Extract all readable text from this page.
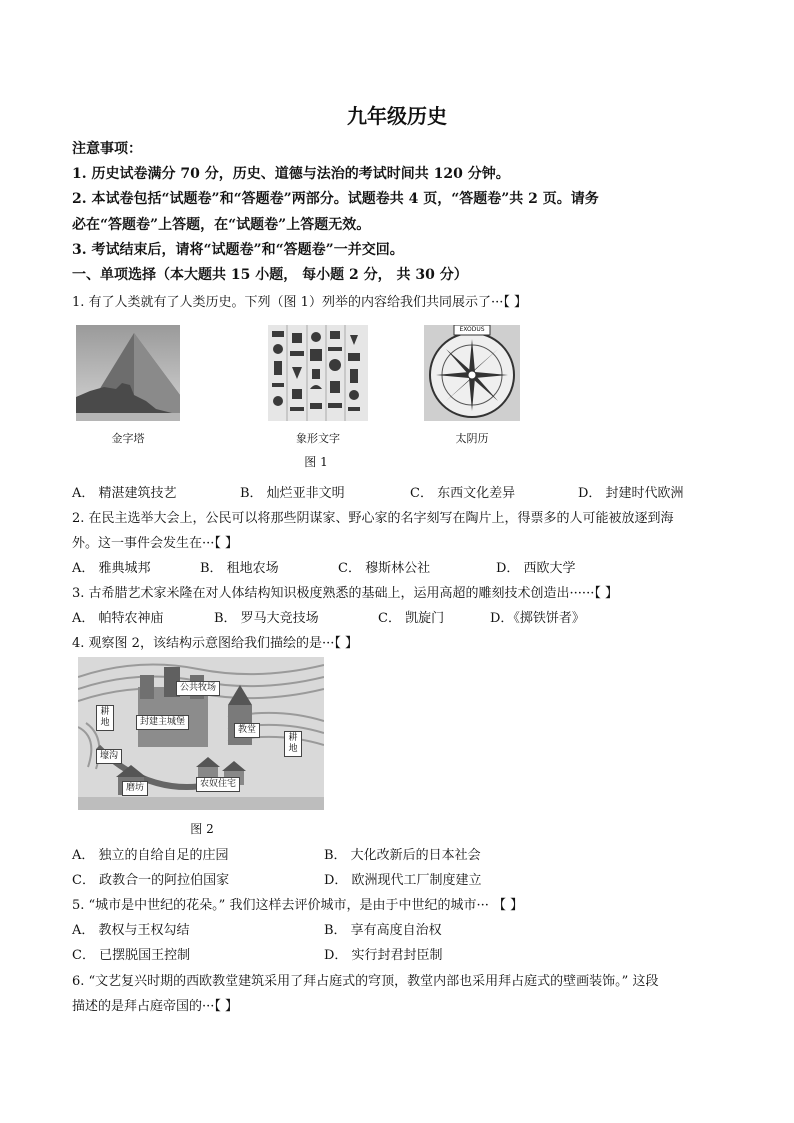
九年级历史
注意事项：
1. 历史试卷满分 70 分，历史、道德与法治的考试时间共 120 分钟。
2. 本试卷包括“试题卷”和“答题卷”两部分。试题卷共 4 页，“答题卷”共 2 页。请务
必在“答题卷”上答题，在“试题卷”上答题无效。
3. 考试结束后，请将“试题卷”和“答题卷”一并交回。
一、单项选择（本大题共 15 小题， 每小题 2 分， 共 30 分）
1. 有了人类就有了人类历史。下列（图 1）列举的内容给我们共同展示了···【 】
金字塔	象形文字
EXODUS
太阴历
图 1
A． 精湛建筑技艺	B． 灿烂亚非文明	C． 东西文化差异	D． 封建时代欧洲
2. 在民主选举大会上，公民可以将那些阴谋家、野心家的名字刻写在陶片上，得票多的人可能被放逐到海
外。这一事件会发生在···【 】
A． 雅典城邦	B． 租地农场	C． 穆斯林公社	D． 西欧大学
3. 古希腊艺术家米隆在对人体结构知识极度熟悉的基础上，运用高超的雕刻技术创造出······【 】
A． 帕特农神庙	B． 罗马大竞技场	C． 凯旋门	D．《掷铁饼者》
4. 观察图 2，该结构示意图给我们描绘的是···【 】
公共牧场
耕地	封建主城堡
教堂
耕地
壕沟
农奴住宅
磨坊
图 2
A． 独立的自给自足的庄园	B． 大化改新后的日本社会
C． 政教合一的阿拉伯国家	D． 欧洲现代工厂制度建立
5. “城市是中世纪的花朵。” 我们这样去评价城市，是由于中世纪的城市··· 【 】
A． 教权与王权勾结	B． 享有高度自治权
C． 已摆脱国王控制	D． 实行封君封臣制
6. “文艺复兴时期的西欧教堂建筑采用了拜占庭式的穹顶，教堂内部也采用拜占庭式的壁画装饰。” 这段
描述的是拜占庭帝国的···【 】
